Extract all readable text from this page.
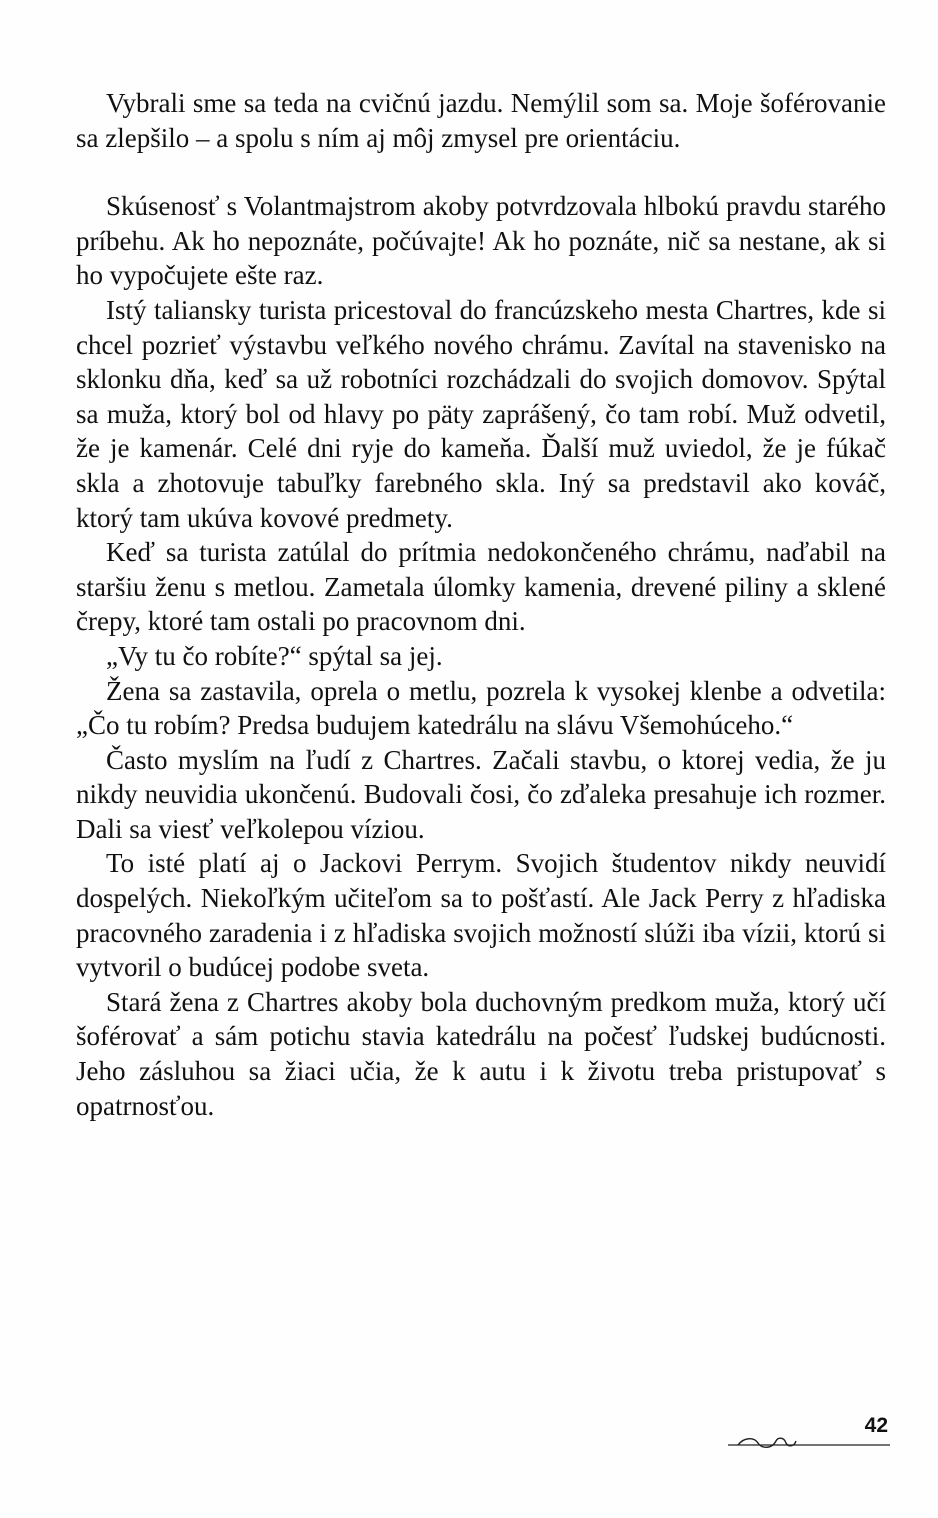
Vybrali sme sa teda na cvičnú jazdu. Nemýlil som sa. Moje šoférovanie sa zlepšilo – a spolu s ním aj môj zmysel pre orientáciu.

Skúsenosť s Volantmajstrom akoby potvrdzovala hlbokú pravdu starého príbehu. Ak ho nepoznáte, počúvajte! Ak ho poznáte, nič sa nestane, ak si ho vypočujete ešte raz.

Istý taliansky turista pricestoval do francúzskeho mesta Chartres, kde si chcel pozrieť výstavbu veľkého nového chrámu. Zavítal na stavenisko na sklonku dňa, keď sa už robotníci rozchádzali do svojich domovov. Spýtal sa muža, ktorý bol od hlavy po päty zaprášený, čo tam robí. Muž odvetil, že je kamenár. Celé dni ryje do kameňa. Ďalší muž uviedol, že je fúkač skla a zhotovuje tabuľky farebného skla. Iný sa predstavil ako kováč, ktorý tam ukúva kovové predmety.

Keď sa turista zatúlal do prítmia nedokončeného chrámu, naďabil na staršiu ženu s metlou. Zametala úlomky kamenia, drevené piliny a sklené črepy, ktoré tam ostali po pracovnom dni.

„Vy tu čo robíte?“ spýtal sa jej.

Žena sa zastavila, oprela o metlu, pozrela k vysokej klenbe a odvetila: „Čo tu robím? Predsa budujem katedrálu na slávu Všemohúceho.“

Často myslím na ľudí z Chartres. Začali stavbu, o ktorej vedia, že ju nikdy neuvidia ukončenú. Budovali čosi, čo zďaleka presahuje ich rozmer. Dali sa viesť veľkolepou víziou.

To isté platí aj o Jackovi Perrym. Svojich študentov nikdy neuvidí dospelých. Niekoľkým učiteľom sa to pošťastí. Ale Jack Perry z hľadiska pracovného zaradenia i z hľadiska svojich možností slúži iba vízii, ktorú si vytvoril o budúcej podobe sveta.

Stará žena z Chartres akoby bola duchovným predkom muža, ktorý učí šoférovať a sám potichu stavia katedrálu na počesť ľudskej budúcnosti. Jeho zásluhou sa žiaci učia, že k autu i k životu treba pristupovať s opatrnosťou.

42
